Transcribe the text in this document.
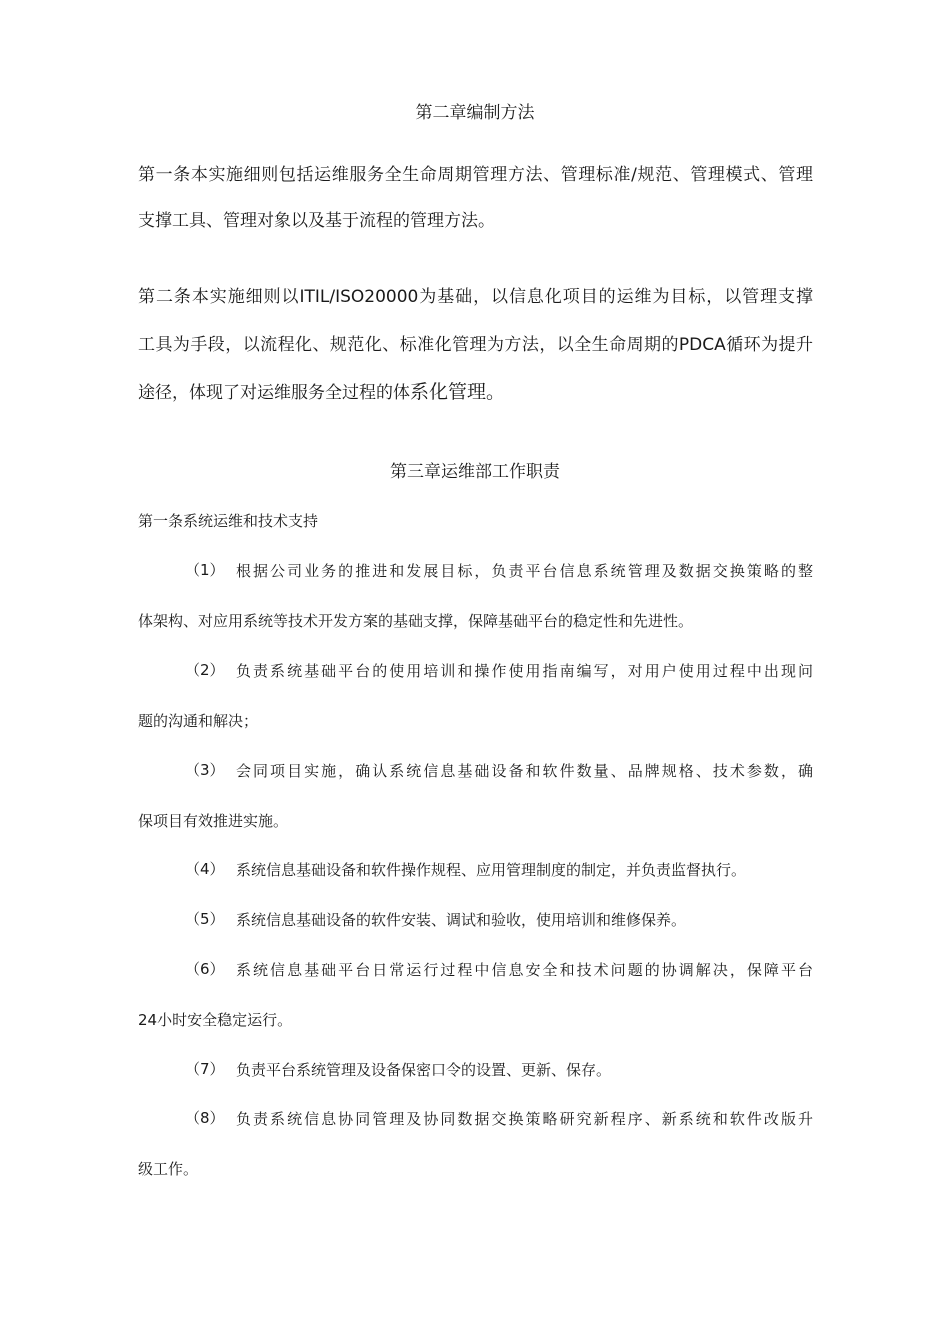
第二章编制方法
第一条本实施细则包括运维服务全生命周期管理方法、管理标准/规范、管理模式、管理
支撑工具、管理对象以及基于流程的管理方法。
第二条本实施细则以ITIL/ISO20000为基础，以信息化项目的运维为目标，以管理支撑
工具为手段，以流程化、规范化、标准化管理为方法，以全生命周期的PDCA循环为提升
途径，体现了对运维服务全过程的体系化管理。
第三章运维部工作职责
第一条系统运维和技术支持
（1） 根据公司业务的推进和发展目标，负责平台信息系统管理及数据交换策略的整
体架构、对应用系统等技术开发方案的基础支撑，保障基础平台的稳定性和先进性。
（2） 负责系统基础平台的使用培训和操作使用指南编写，对用户使用过程中出现问
题的沟通和解决；
（3） 会同项目实施，确认系统信息基础设备和软件数量、品牌规格、技术参数，确
保项目有效推进实施。
（4） 系统信息基础设备和软件操作规程、应用管理制度的制定，并负责监督执行。
（5） 系统信息基础设备的软件安装、调试和验收，使用培训和维修保养。
（6） 系统信息基础平台日常运行过程中信息安全和技术问题的协调解决，保障平台
24小时安全稳定运行。
（7） 负责平台系统管理及设备保密口令的设置、更新、保存。
（8） 负责系统信息协同管理及协同数据交换策略研究新程序、新系统和软件改版升
级工作。
